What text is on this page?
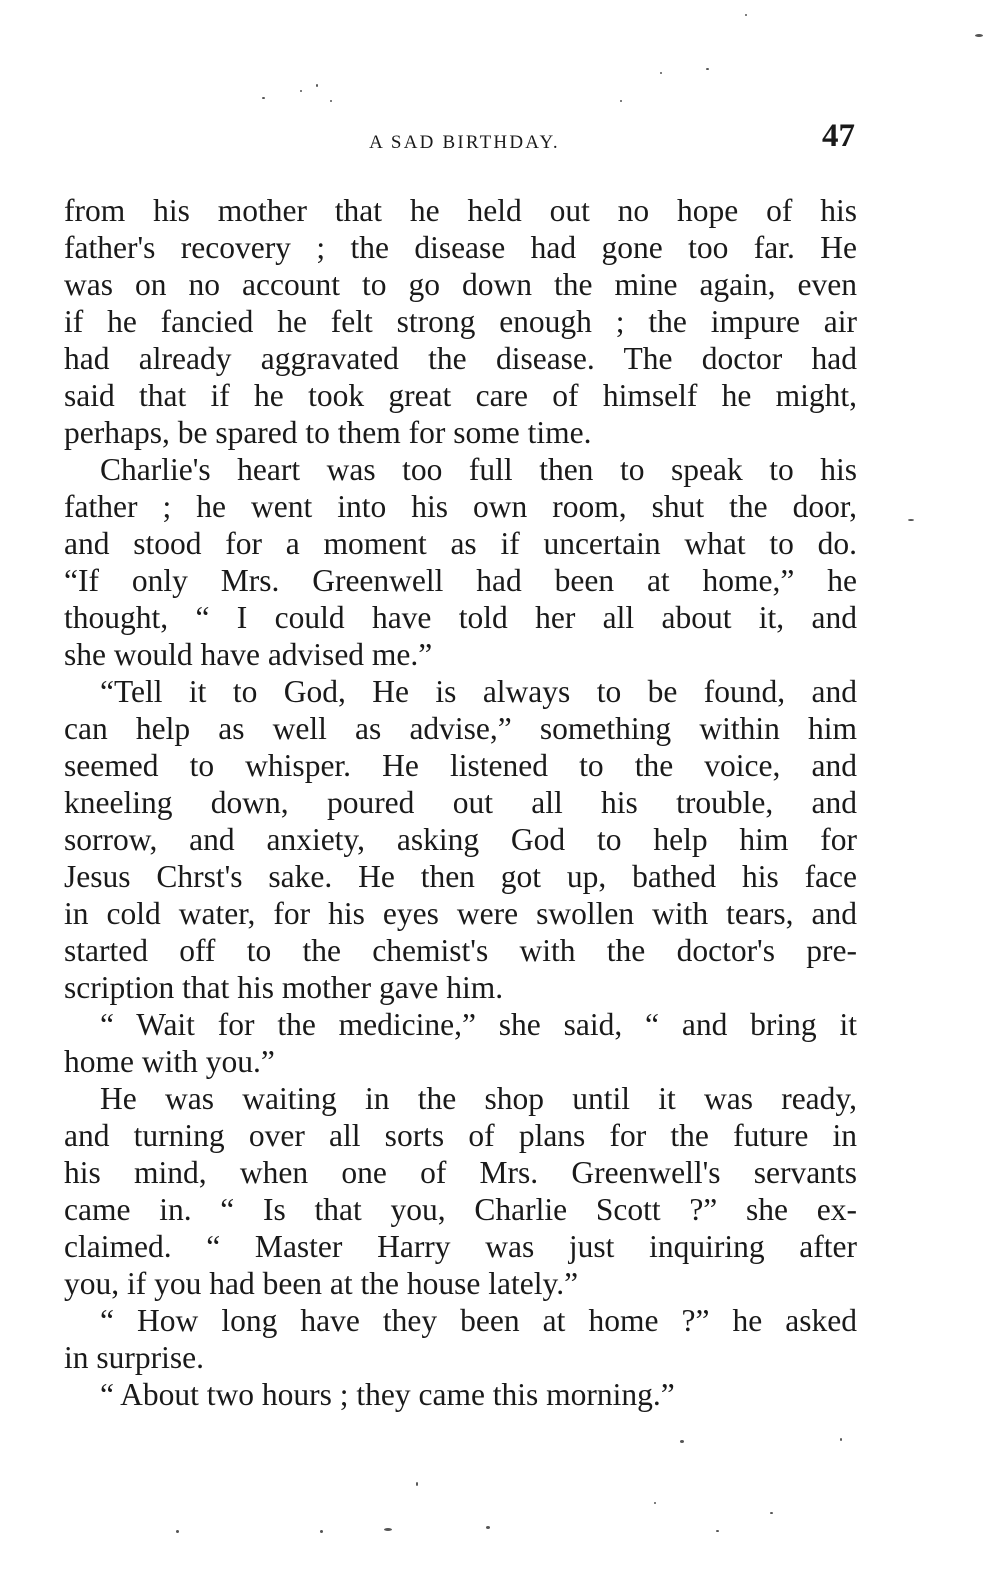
A SAD BIRTHDAY.	47
from his mother that he held out no hope of his
father's recovery ; the disease had gone too far. He
was on no account to go down the mine again, even
if he fancied he felt strong enough ; the impure air
had already aggravated the disease. The doctor had
said that if he took great care of himself he might,
perhaps, be spared to them for some time.
Charlie's heart was too full then to speak to his
father ; he went into his own room, shut the door,
and stood for a moment as if uncertain what to do.
“If only Mrs. Greenwell had been at home,” he
thought, “ I could have told her all about it, and
she would have advised me.”
“Tell it to God, He is always to be found, and
can help as well as advise,” something within him
seemed to whisper. He listened to the voice, and
kneeling down, poured out all his trouble, and
sorrow, and anxiety, asking God to help him for
Jesus Chrst's sake. He then got up, bathed his face
in cold water, for his eyes were swollen with tears, and
started off to the chemist's with the doctor's pre-
scription that his mother gave him.
“ Wait for the medicine,” she said, “ and bring it
home with you.”
He was waiting in the shop until it was ready,
and turning over all sorts of plans for the future in
his mind, when one of Mrs. Greenwell's servants
came in. “ Is that you, Charlie Scott ?” she ex-
claimed. “ Master Harry was just inquiring after
you, if you had been at the house lately.”
“ How long have they been at home ?” he asked
in surprise.
“ About two hours ; they came this morning.”
